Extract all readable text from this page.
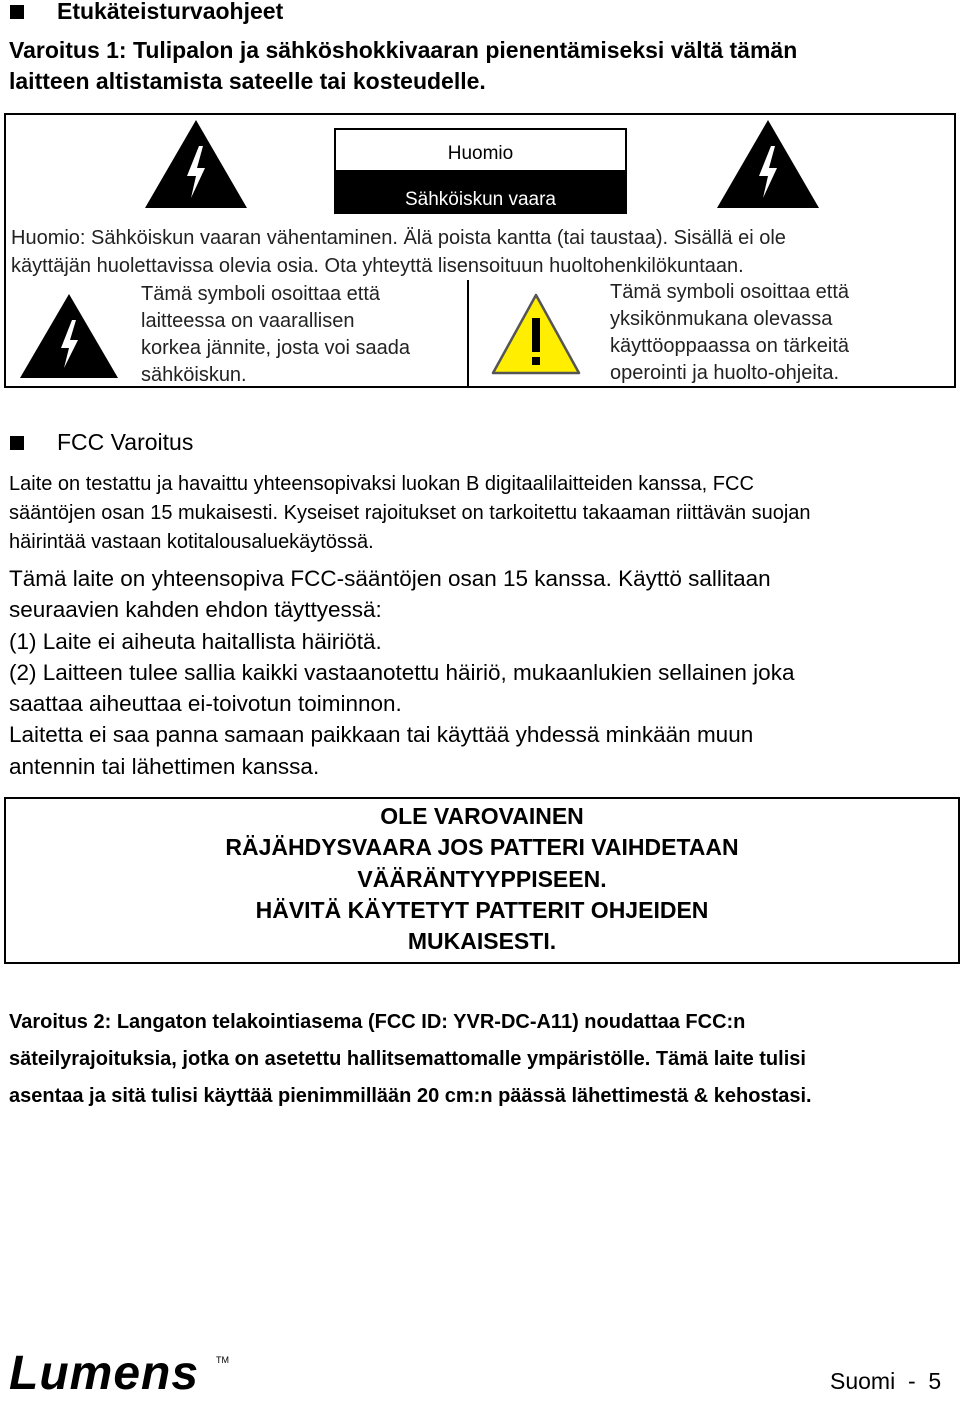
Etukäteisturvaohjeet
Varoitus 1: Tulipalon ja sähköshokkivaaran pienentämiseksi vältä tämän
laitteen altistamista sateelle tai kosteudelle.
Huomio
Sähköiskun vaara
Huomio: Sähköiskun vaaran vähentaminen. Älä poista kantta (tai taustaa). Sisällä ei ole
käyttäjän huolettavissa olevia osia. Ota yhteyttä lisensoituun huoltohenkilökuntaan.
Tämä symboli osoittaa että
laitteessa on vaarallisen
korkea jännite, josta voi saada
sähköiskun.
Tämä symboli osoittaa että
yksikönmukana olevassa
käyttöoppaassa on tärkeitä
operointi ja huolto-ohjeita.
FCC Varoitus
Laite on testattu ja havaittu yhteensopivaksi luokan B digitaalilaitteiden kanssa, FCC
sääntöjen osan 15 mukaisesti. Kyseiset rajoitukset on tarkoitettu takaaman riittävän suojan
häirintää vastaan kotitalousaluekäytössä.
Tämä laite on yhteensopiva FCC-sääntöjen osan 15 kanssa. Käyttö sallitaan
seuraavien kahden ehdon täyttyessä:
(1) Laite ei aiheuta haitallista häiriötä.
(2) Laitteen tulee sallia kaikki vastaanotettu häiriö, mukaanlukien sellainen joka
saattaa aiheuttaa ei-toivotun toiminnon.
Laitetta ei saa panna samaan paikkaan tai käyttää yhdessä minkään muun
antennin tai lähettimen kanssa.
OLE VAROVAINEN
RÄJÄHDYSVAARA JOS PATTERI VAIHDETAAN
VÄÄRÄNTYYPPISEEN.
HÄVITÄ KÄYTETYT PATTERIT OHJEIDEN
MUKAISESTI.
Varoitus 2: Langaton telakointiasema (FCC ID: YVR-DC-A11) noudattaa FCC:n
säteilyrajoituksia, jotka on asetettu hallitsemattomalle ympäristölle. Tämä laite tulisi
asentaa ja sitä tulisi käyttää pienimmillään 20 cm:n päässä lähettimestä & kehostasi.
Lumens TM
Suomi  -  5
